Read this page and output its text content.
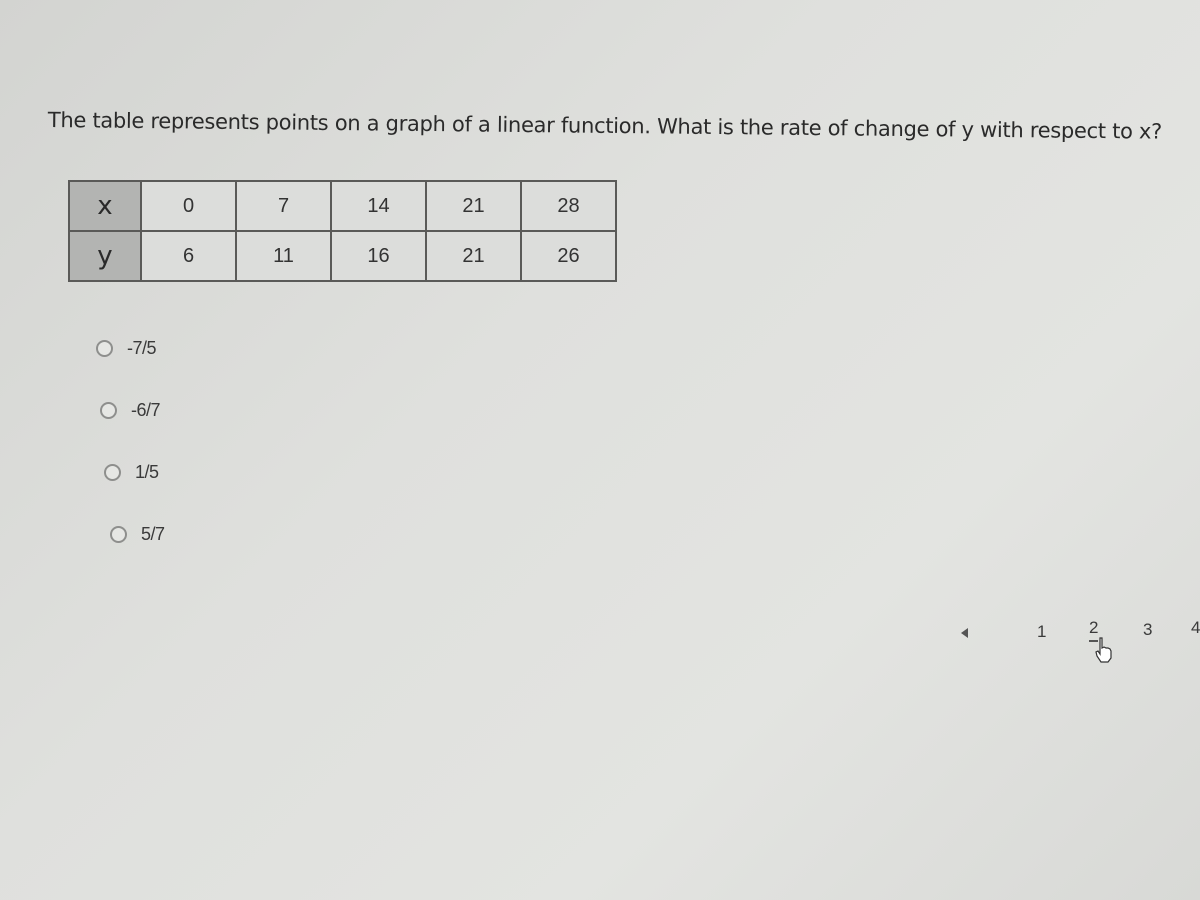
The table represents points on a graph of a linear function. What is the rate of change of y with respect to x?
x	0	7	14	21	28
y	6	11	16	21	26
-7/5
-6/7
1/5
5/7
1	2	3 4
